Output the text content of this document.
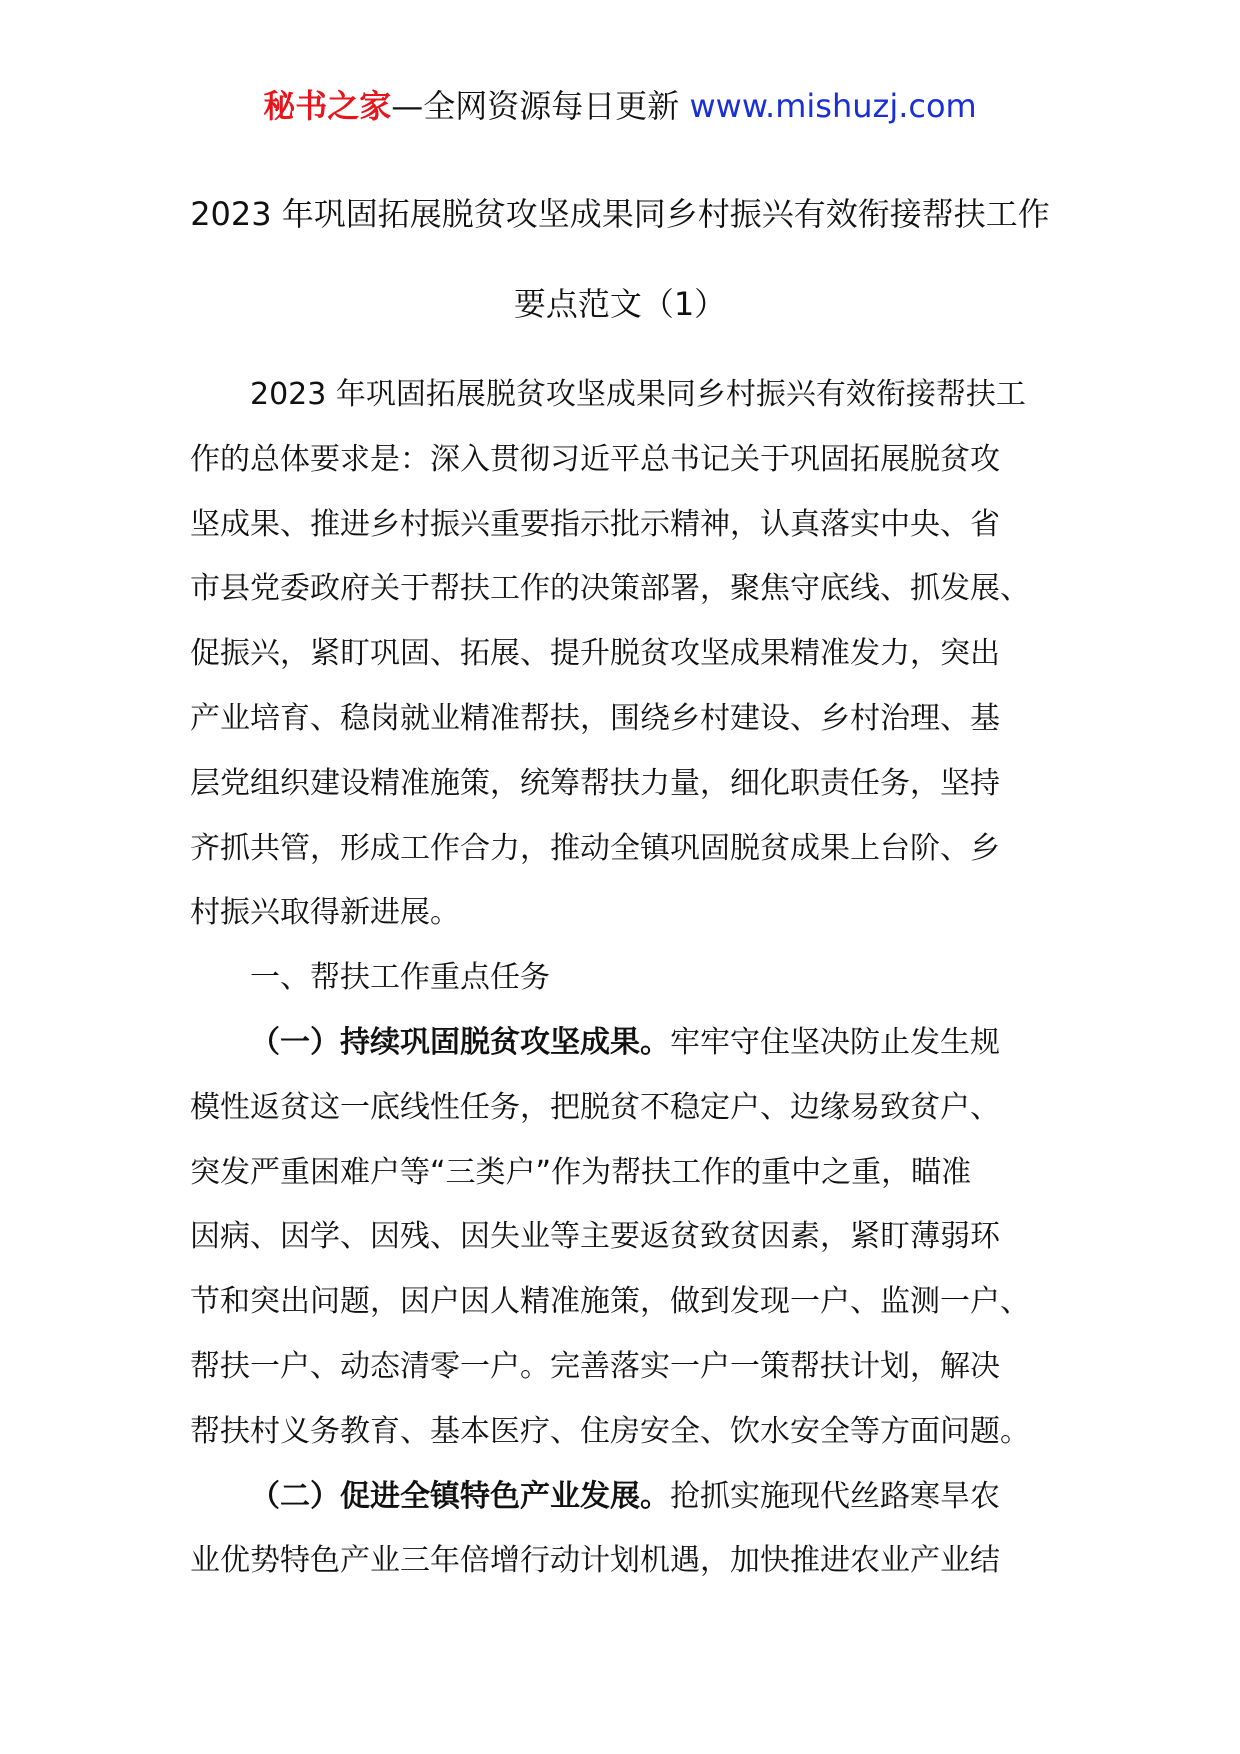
秘书之家—全网资源每日更新 www.mishuzj.com
2023 年巩固拓展脱贫攻坚成果同乡村振兴有效衔接帮扶工作
要点范文（1）
2023 年巩固拓展脱贫攻坚成果同乡村振兴有效衔接帮扶工
作的总体要求是：深入贯彻习近平总书记关于巩固拓展脱贫攻
坚成果、推进乡村振兴重要指示批示精神，认真落实中央、省
市县党委政府关于帮扶工作的决策部署，聚焦守底线、抓发展、
促振兴，紧盯巩固、拓展、提升脱贫攻坚成果精准发力，突出
产业培育、稳岗就业精准帮扶，围绕乡村建设、乡村治理、基
层党组织建设精准施策，统筹帮扶力量，细化职责任务，坚持
齐抓共管，形成工作合力，推动全镇巩固脱贫成果上台阶、乡
村振兴取得新进展。
一、帮扶工作重点任务
（一）持续巩固脱贫攻坚成果。牢牢守住坚决防止发生规
模性返贫这一底线性任务，把脱贫不稳定户、边缘易致贫户、
突发严重困难户等“三类户”作为帮扶工作的重中之重，瞄准
因病、因学、因残、因失业等主要返贫致贫因素，紧盯薄弱环
节和突出问题，因户因人精准施策，做到发现一户、监测一户、
帮扶一户、动态清零一户。完善落实一户一策帮扶计划，解决
帮扶村义务教育、基本医疗、住房安全、饮水安全等方面问题。
（二）促进全镇特色产业发展。抢抓实施现代丝路寒旱农
业优势特色产业三年倍增行动计划机遇，加快推进农业产业结
